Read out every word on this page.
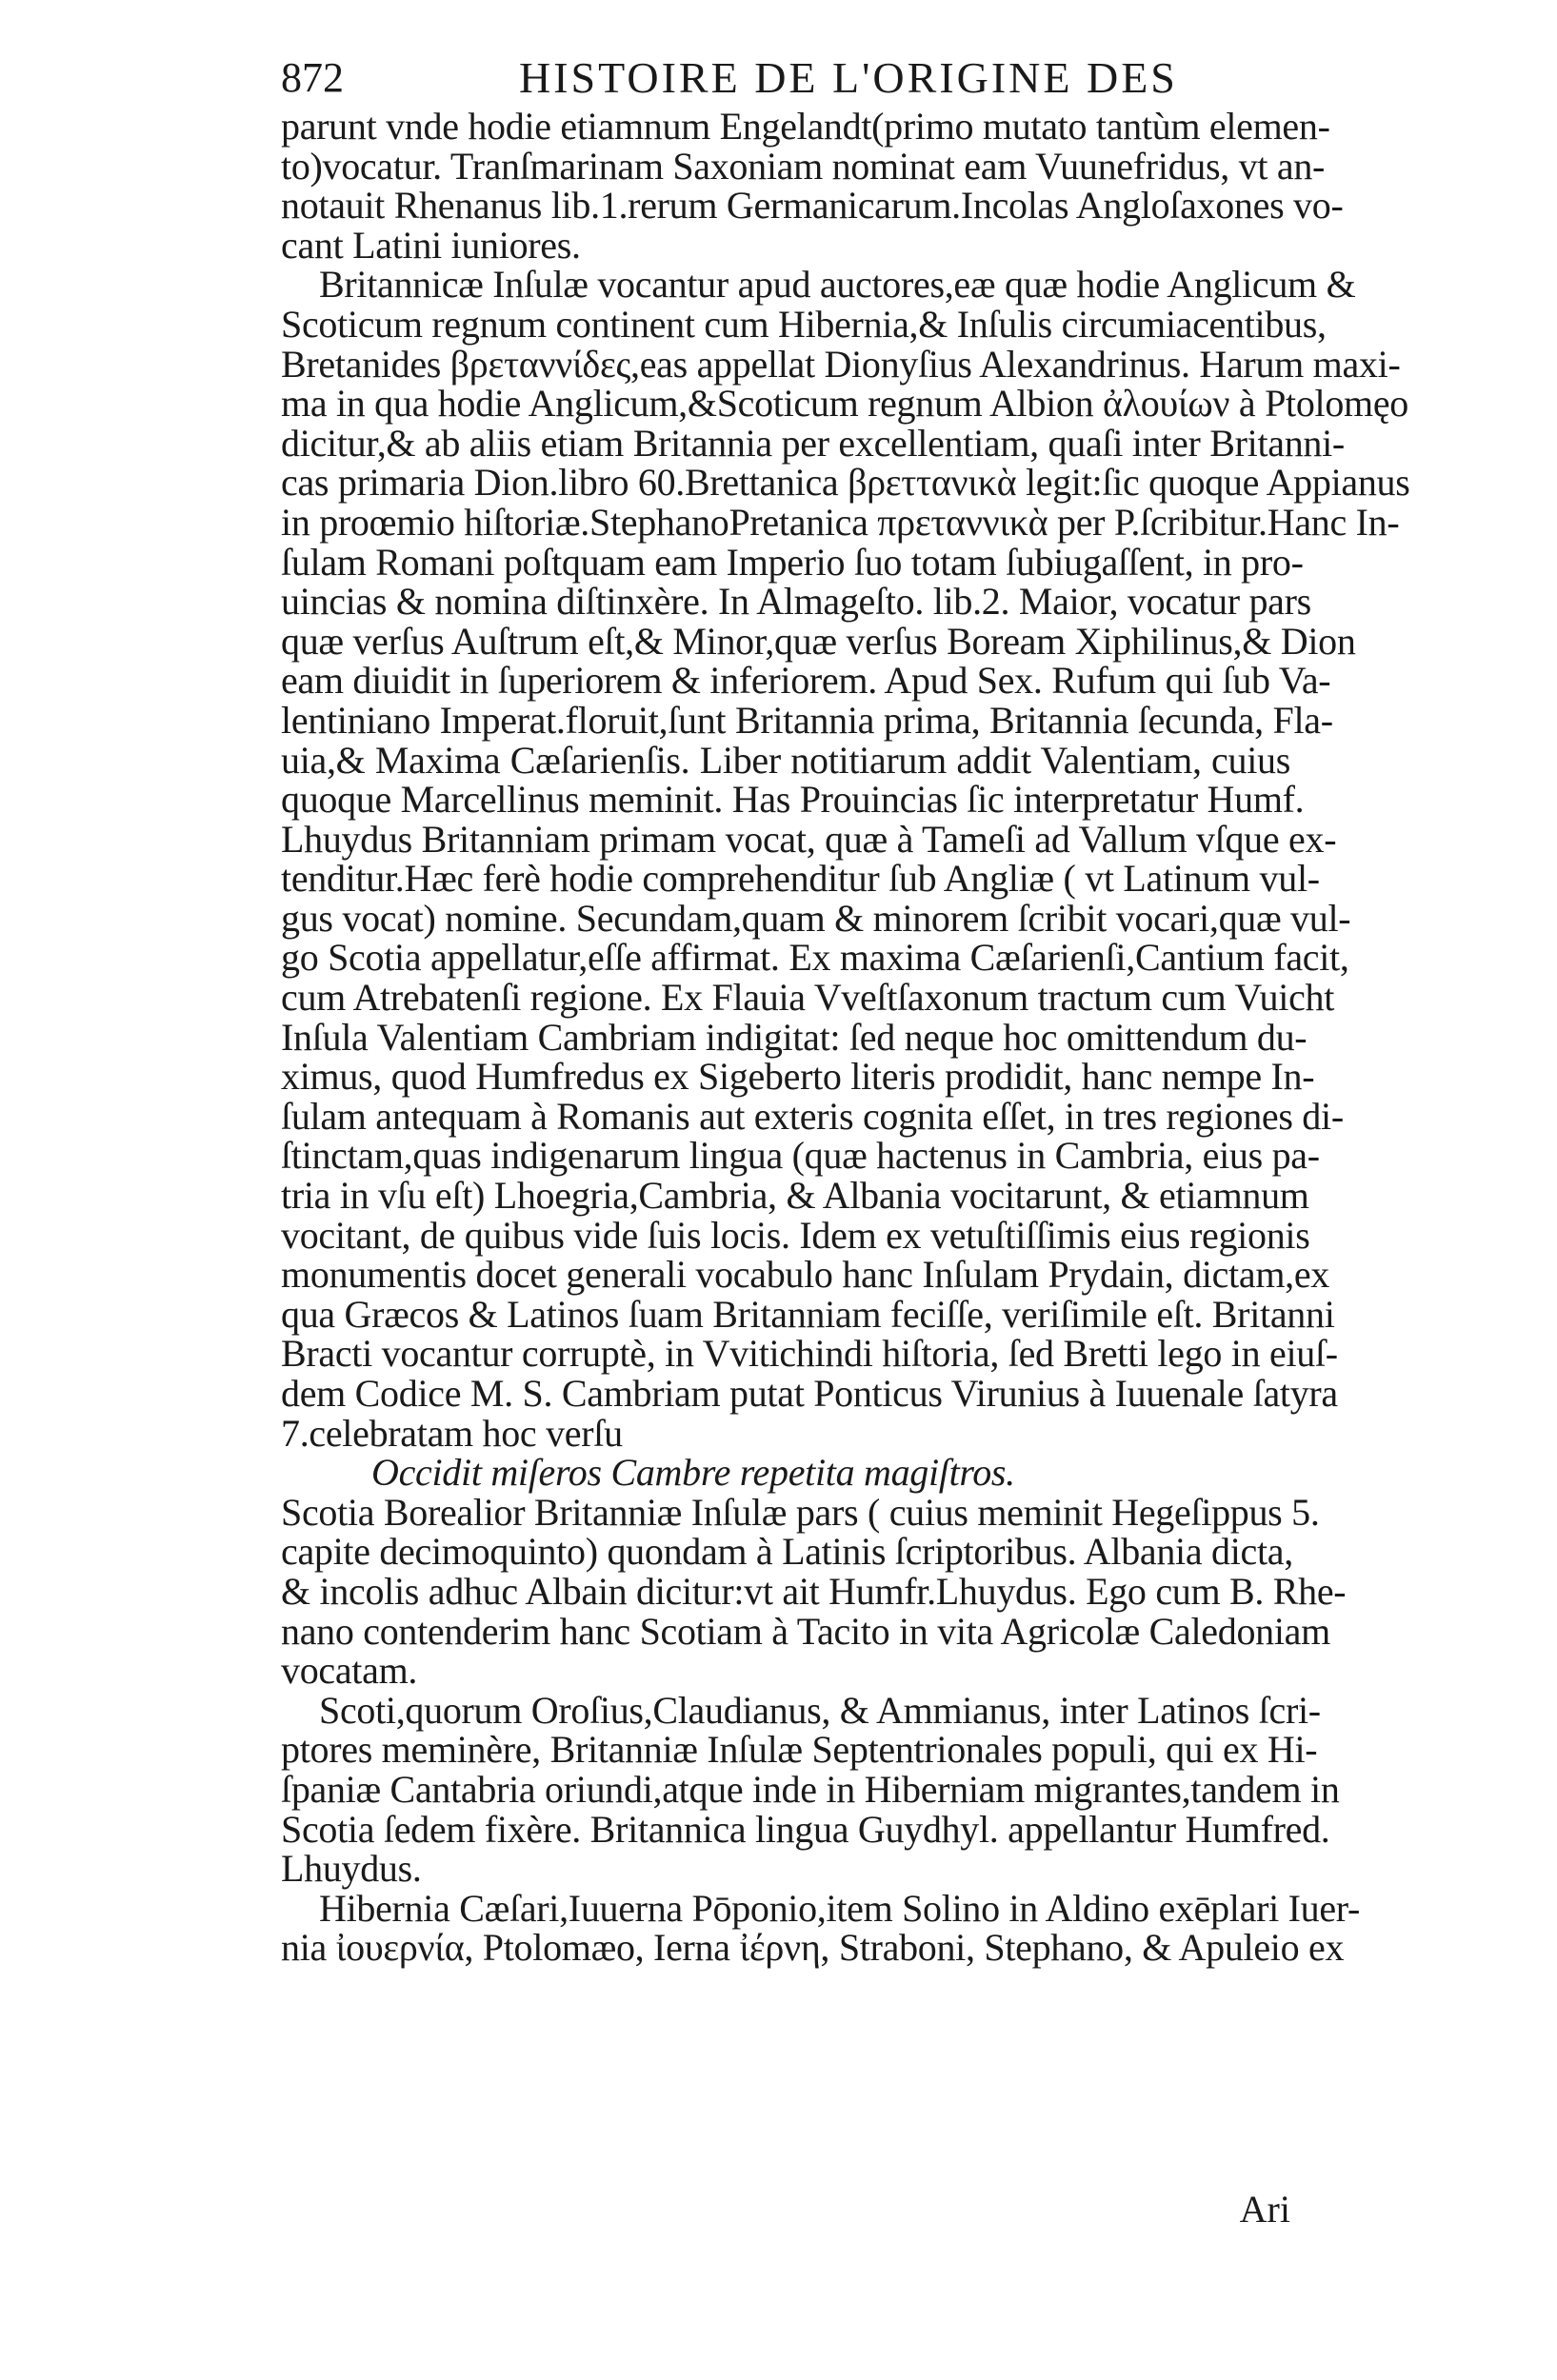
872	HISTOIRE DE L'ORIGINE DES
parunt vnde hodie etiamnum Engelandt(primo mutato tantùm elemen-
to)vocatur. Tranſmarinam Saxoniam nominat eam Vuunefridus, vt an-
notauit Rhenanus lib.1.rerum Germanicarum.Incolas Angloſaxones vo-
cant Latini iuniores.
Britannicæ Inſulæ vocantur apud auctores,eæ quæ hodie Anglicum &
Scoticum regnum continent cum Hibernia,& Inſulis circumiacentibus,
Bretanides βρεταννίδες,eas appellat Dionyſius Alexandrinus. Harum maxi-
ma in qua hodie Anglicum,&Scoticum regnum Albion ἀλουίων à Ptolomęo
dicitur,& ab aliis etiam Britannia per excellentiam, quaſi inter Britanni-
cas primaria Dion.libro 60.Brettanica βρεττανικὰ legit:ſic quoque Appianus
in proœmio hiſtoriæ.StephanoPretanica πρεταννικὰ per P.ſcribitur.Hanc In-
ſulam Romani poſtquam eam Imperio ſuo totam ſubiugaſſent, in pro-
uincias & nomina diſtinxère. In Almageſto. lib.2. Maior, vocatur pars
quæ verſus Auſtrum eſt,& Minor,quæ verſus Boream Xiphilinus,& Dion
eam diuidit in ſuperiorem & inferiorem. Apud Sex. Rufum qui ſub Va-
lentiniano Imperat.floruit,ſunt Britannia prima, Britannia ſecunda, Fla-
uia,& Maxima Cæſarienſis. Liber notitiarum addit Valentiam, cuius
quoque Marcellinus meminit. Has Prouincias ſic interpretatur Humf.
Lhuydus Britanniam primam vocat, quæ à Tameſi ad Vallum vſque ex-
tenditur.Hæc ferè hodie comprehenditur ſub Angliæ ( vt Latinum vul-
gus vocat) nomine. Secundam,quam & minorem ſcribit vocari,quæ vul-
go Scotia appellatur,eſſe affirmat. Ex maxima Cæſarienſi,Cantium facit,
cum Atrebatenſi regione. Ex Flauia Vveſtſaxonum tractum cum Vuicht
Inſula Valentiam Cambriam indigitat: ſed neque hoc omittendum du-
ximus, quod Humfredus ex Sigeberto literis prodidit, hanc nempe In-
ſulam antequam à Romanis aut exteris cognita eſſet, in tres regiones di-
ſtinctam,quas indigenarum lingua (quæ hactenus in Cambria, eius pa-
tria in vſu eſt) Lhoegria,Cambria, & Albania vocitarunt, & etiamnum
vocitant, de quibus vide ſuis locis. Idem ex vetuſtiſſimis eius regionis
monumentis docet generali vocabulo hanc Inſulam Prydain, dictam,ex
qua Græcos & Latinos ſuam Britanniam feciſſe, veriſimile eſt. Britanni
Bracti vocantur corruptè, in Vvitichindi hiſtoria, ſed Bretti lego in eiuſ-
dem Codice M. S. Cambriam putat Ponticus Virunius à Iuuenale ſatyra
7.celebratam hoc verſu
Occidit miſeros Cambre repetita magiſtros.
Scotia Borealior Britanniæ Inſulæ pars ( cuius meminit Hegeſippus 5.
capite decimoquinto) quondam à Latinis ſcriptoribus. Albania dicta,
& incolis adhuc Albain dicitur:vt ait Humfr.Lhuydus. Ego cum B. Rhe-
nano contenderim hanc Scotiam à Tacito in vita Agricolæ Caledoniam
vocatam.
Scoti,quorum Oroſius,Claudianus, & Ammianus, inter Latinos ſcri-
ptores meminère, Britanniæ Inſulæ Septentrionales populi, qui ex Hi-
ſpaniæ Cantabria oriundi,atque inde in Hiberniam migrantes,tandem in
Scotia ſedem fixère. Britannica lingua Guydhyl. appellantur Humfred.
Lhuydus.
Hibernia Cæſari,Iuuerna Pōponio,item Solino in Aldino exēplari Iuer-
nia ἰουερνία, Ptolomæo, Ierna ἰέρνη, Straboni, Stephano, & Apuleio ex
Ari
